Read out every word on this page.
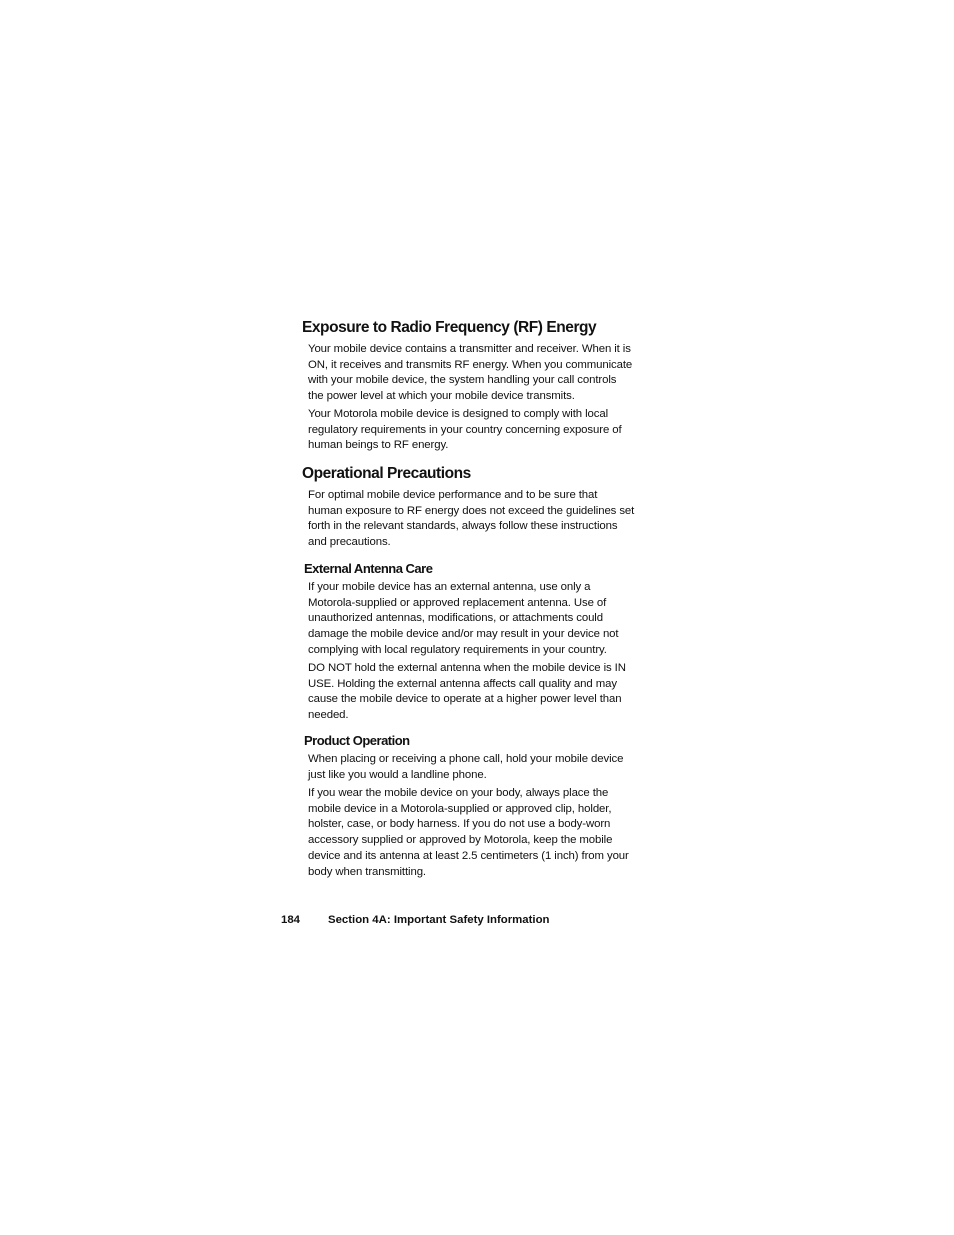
Exposure to Radio Frequency (RF) Energy

Your mobile device contains a transmitter and receiver. When it is
ON, it receives and transmits RF energy. When you communicate
with your mobile device, the system handling your call controls
the power level at which your mobile device transmits.

Your Motorola mobile device is designed to comply with local
regulatory requirements in your country concerning exposure of
human beings to RF energy.

Operational Precautions

For optimal mobile device performance and to be sure that
human exposure to RF energy does not exceed the guidelines set
forth in the relevant standards, always follow these instructions
and precautions.

External Antenna Care

If your mobile device has an external antenna, use only a
Motorola-supplied or approved replacement antenna. Use of
unauthorized antennas, modifications, or attachments could
damage the mobile device and/or may result in your device not
complying with local regulatory requirements in your country.

DO NOT hold the external antenna when the mobile device is IN
USE. Holding the external antenna affects call quality and may
cause the mobile device to operate at a higher power level than
needed.

Product Operation

When placing or receiving a phone call, hold your mobile device
just like you would a landline phone.

If you wear the mobile device on your body, always place the
mobile device in a Motorola-supplied or approved clip, holder,
holster, case, or body harness. If you do not use a body-worn
accessory supplied or approved by Motorola, keep the mobile
device and its antenna at least 2.5 centimeters (1 inch) from your
body when transmitting.

184 Section 4A: Important Safety Information
